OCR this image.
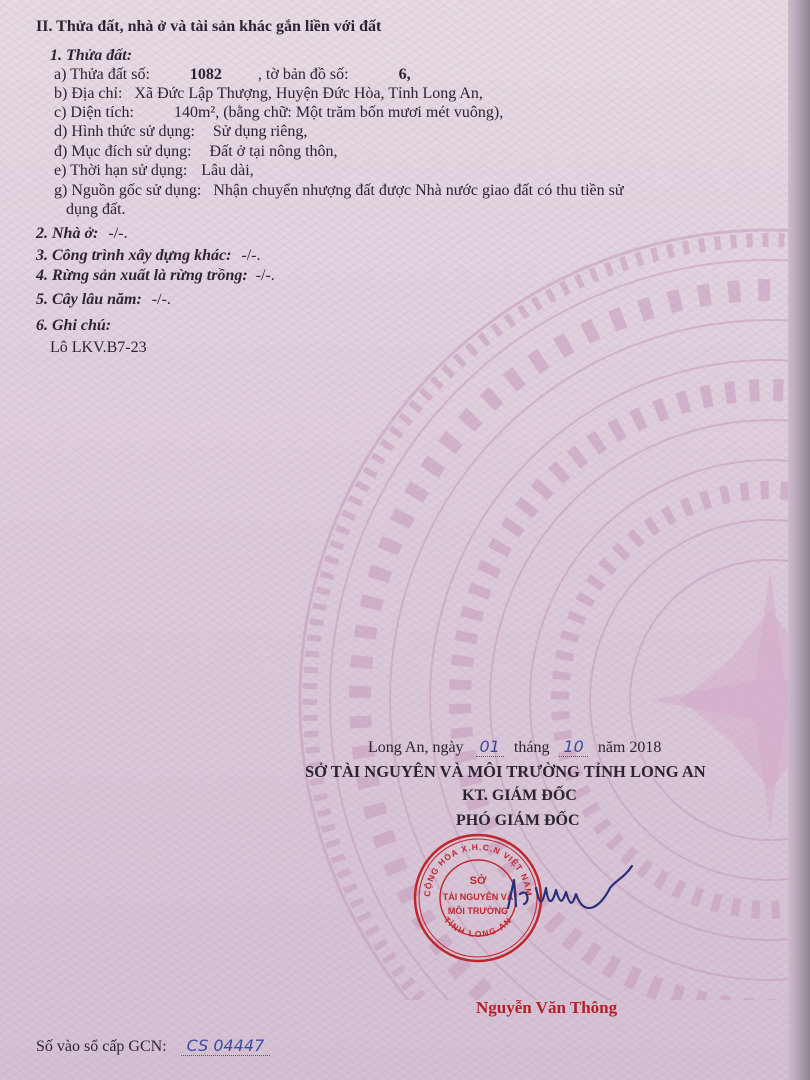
II. Thửa đất, nhà ở và tài sản khác gắn liền với đất
1. Thửa đất:
a) Thửa đất số:	1082 , tờ bản đồ số:	6,
b) Địa chỉ: Xã Đức Lập Thượng, Huyện Đức Hòa, Tỉnh Long An,
c) Diện tích:	140m², (bằng chữ: Một trăm bốn mươi mét vuông),
d) Hình thức sử dụng: Sử dụng riêng,
đ) Mục đích sử dụng: Đất ở tại nông thôn,
e) Thời hạn sử dụng: Lâu dài,
g) Nguồn gốc sử dụng: Nhận chuyển nhượng đất được Nhà nước giao đất có thu tiền sử
dụng đất.
2. Nhà ở: -/-.
3. Công trình xây dựng khác: -/-.
4. Rừng sản xuất là rừng trồng: -/-.
5. Cây lâu năm: -/-.
6. Ghi chú:
Lô LKV.B7-23
Long An, ngày 01 tháng 10 năm 2018
SỞ TÀI NGUYÊN VÀ MÔI TRƯỜNG TỈNH LONG AN
KT. GIÁM ĐỐC
PHÓ GIÁM ĐỐC
CỘNG HÒA X.H.C.N VIỆT NAM
TỈNH LONG AN
SỞ
TÀI NGUYÊN VÀ
MÔI TRƯỜNG
Nguyễn Văn Thông
Số vào sổ cấp GCN: CS 04447
